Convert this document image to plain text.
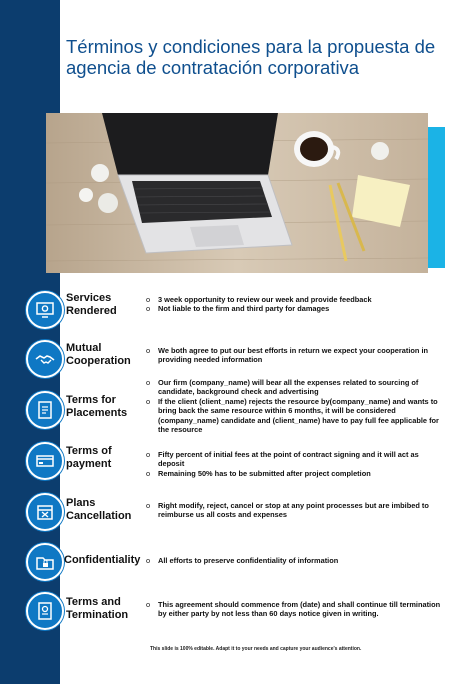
Términos y condiciones para la propuesta de agencia de contratación corporativa
Services Rendered
o 3 week opportunity to review our week and provide feedback
o Not liable to the firm and third party for damages
Mutual Cooperation
o We both agree to put our best efforts in return we expect your cooperation in providing needed information
Terms for Placements
o Our firm (company_name) will bear all the expenses related to sourcing of candidate, background check and advertising
o If the client (client_name) rejects the resource by(company_name) and wants to bring back the same resource within 6 months, it will be considered (company_name) candidate and (client_name) have to pay full fee applicable for the resource
Terms of payment
o Fifty percent of initial fees at the point of contract signing and it will act as deposit
o Remaining 50% has to be submitted after project completion
Plans Cancellation
o Right modify, reject, cancel or stop at any point processes but are imbibed to reimburse us all costs and expenses
Confidentiality
o	All efforts to preserve confidentiality of information
Terms and Termination
o This agreement should commence from (date) and shall continue till termination by either party by not less than 60 days notice given in writing.
This slide is 100% editable. Adapt it to your needs and capture your audience's attention.
